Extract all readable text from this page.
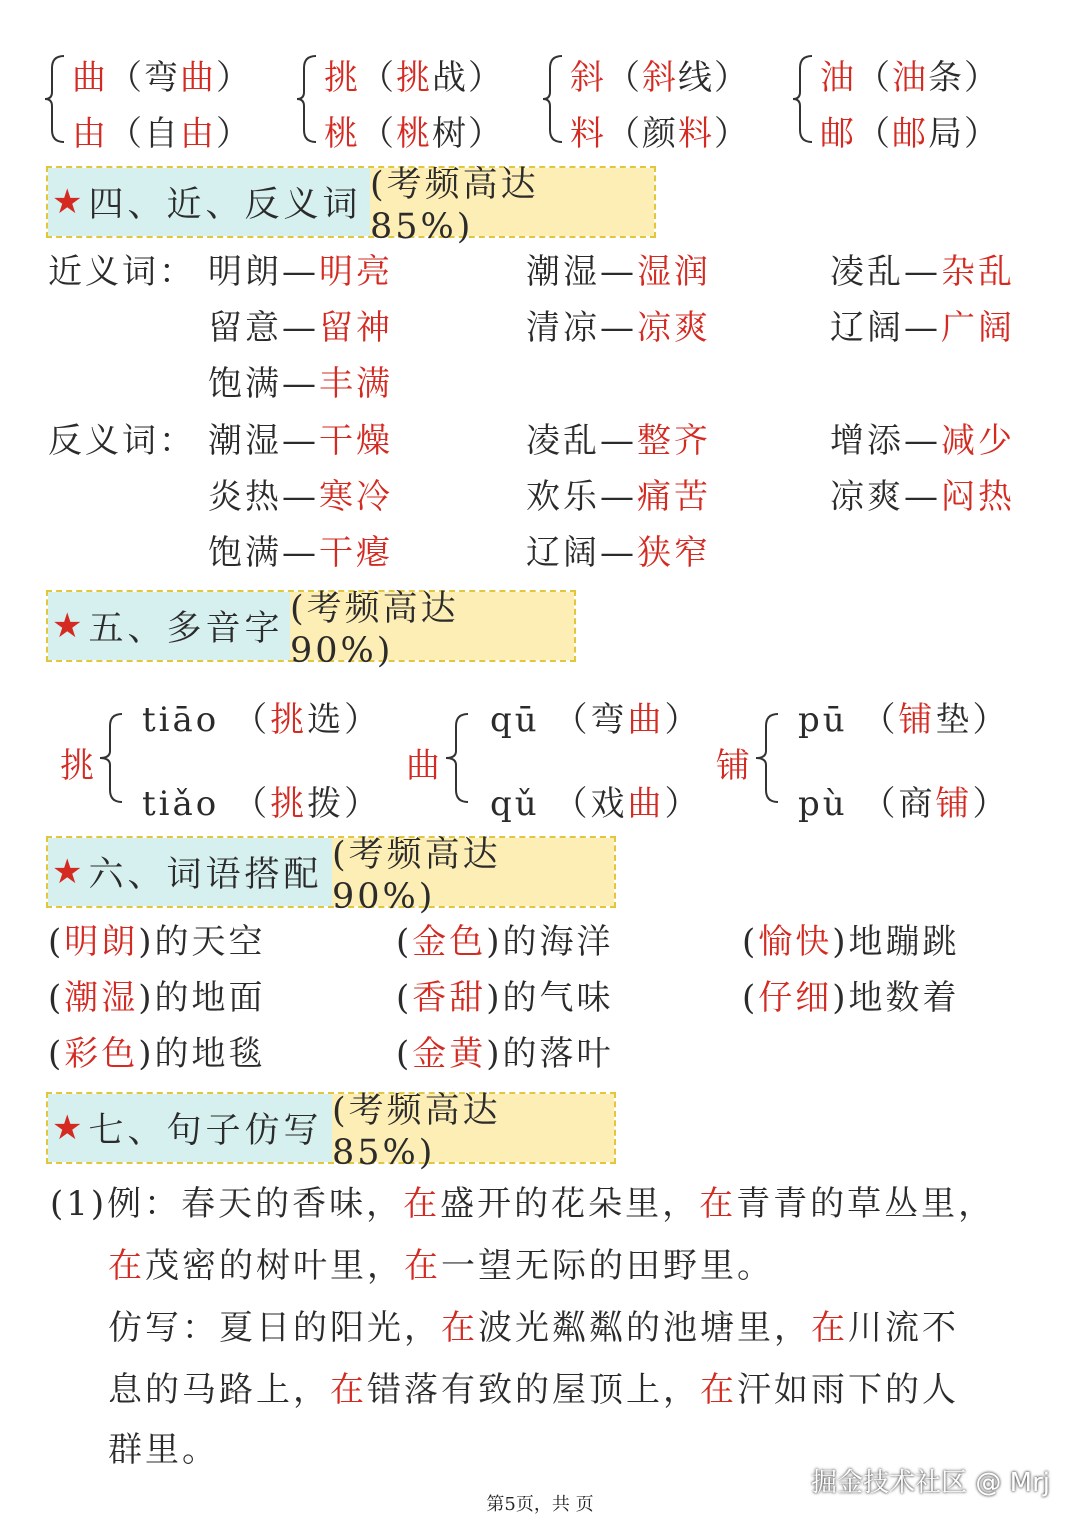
曲（弯曲）
由（自由）
挑（挑战）
桃（桃树）
斜（斜线）
料（颜料）
油（油条）
邮（邮局）
★ 四、近、反义词 (考频高达 85%)
近义词： 明朗—明亮	潮湿—湿润	凌乱—杂乱
留意—留神	清凉—凉爽	辽阔—广阔
饱满—丰满
反义词： 潮湿—干燥	凌乱—整齐	增添—减少
炎热—寒冷	欢乐—痛苦	凉爽—闷热
饱满—干瘪	辽阔—狭窄
★ 五、多音字 (考频高达 90%)
挑
tiāo （挑选）
tiǎo （挑拨）
曲
qū （弯曲）
qǔ （戏曲）
铺
pū （铺垫）
pù （商铺）
★ 六、词语搭配 (考频高达 90%)
(明朗)的天空	(金色)的海洋	(愉快)地蹦跳
(潮湿)的地面	(香甜)的气味	(仔细)地数着
(彩色)的地毯	(金黄)的落叶
★ 七、句子仿写 (考频高达 85%)
(1)例：春天的香味，在盛开的花朵里，在青青的草丛里，
在茂密的树叶里，在一望无际的田野里。
仿写：夏日的阳光，在波光粼粼的池塘里，在川流不
息的马路上，在错落有致的屋顶上，在汗如雨下的人
群里。
掘金技术社区 @ Mrj
第5页，共 页
